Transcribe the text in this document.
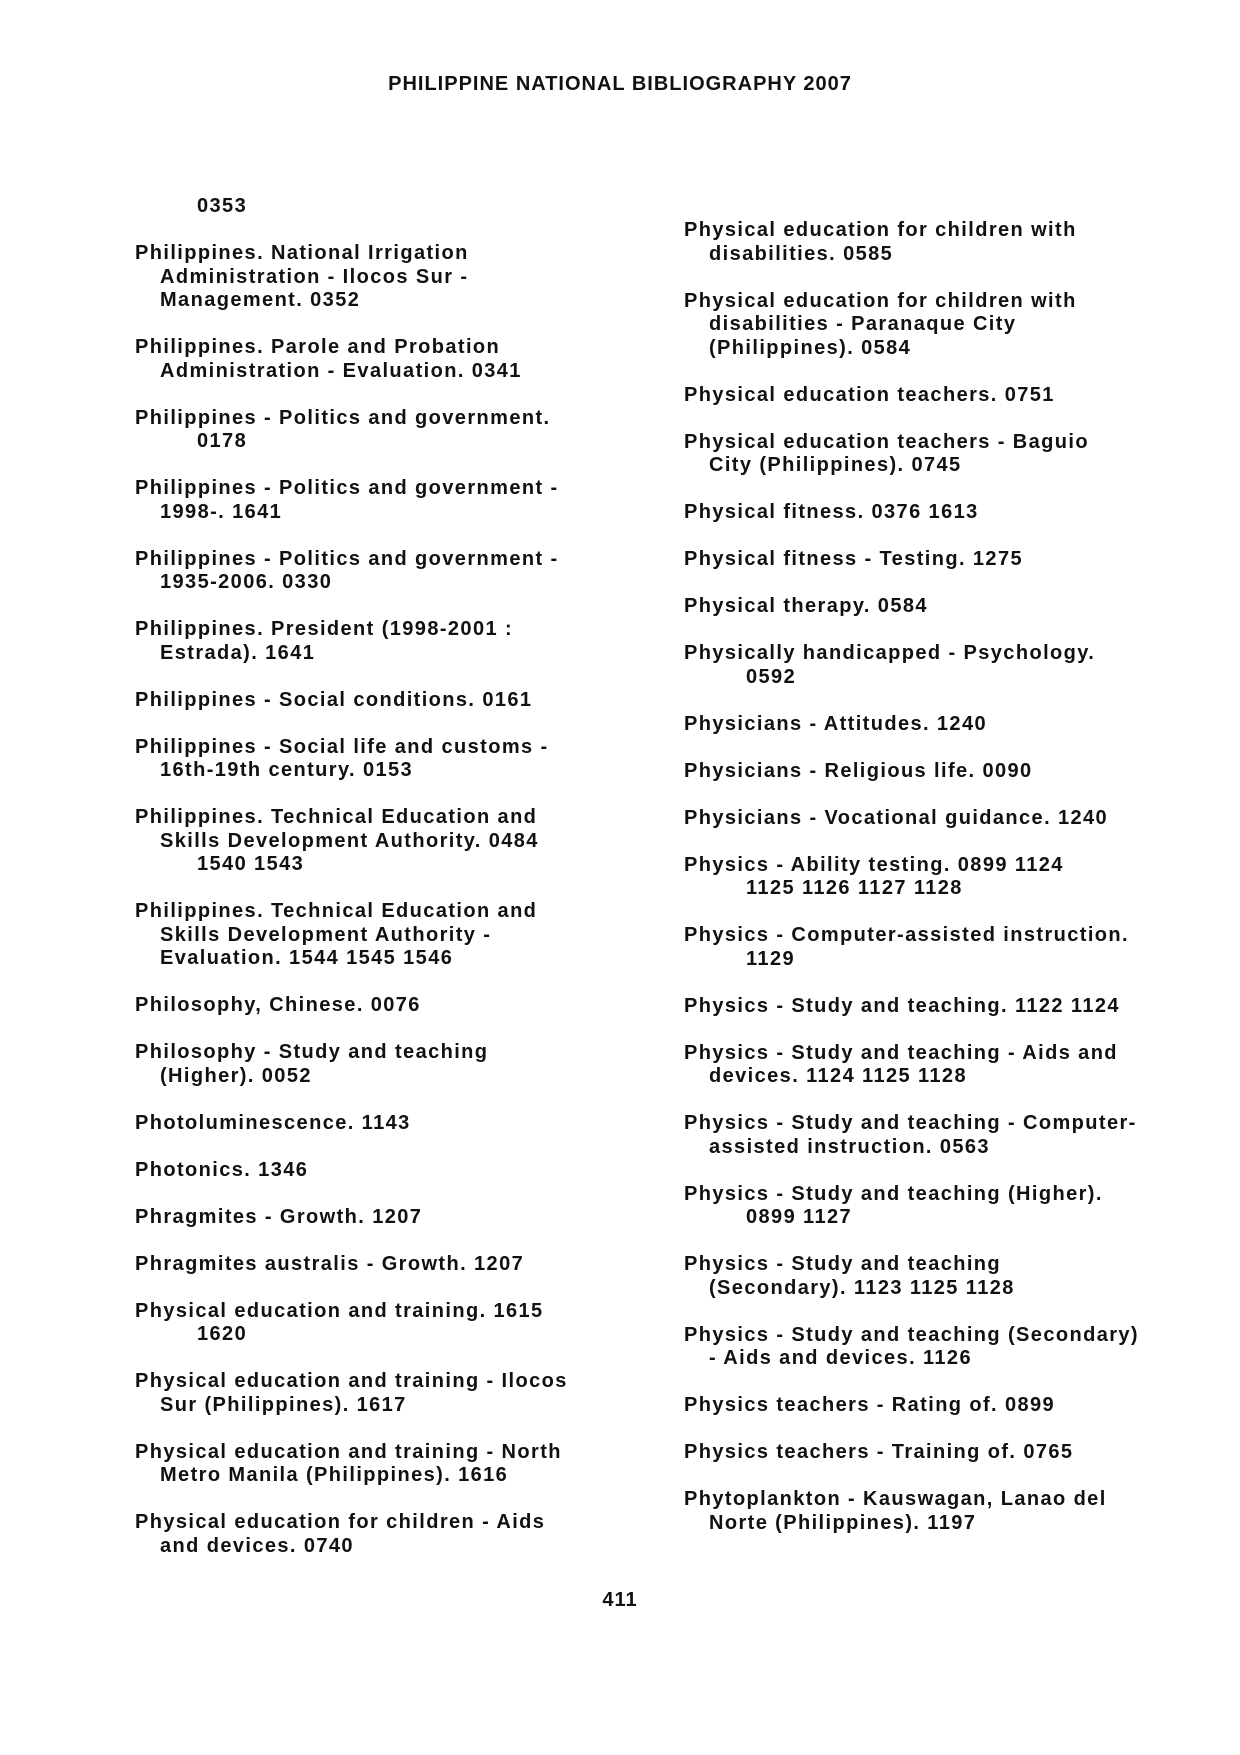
PHILIPPINE NATIONAL BIBLIOGRAPHY 2007
0353
Philippines. National Irrigation
Administration - Ilocos Sur -
Management. 0352
Philippines. Parole and Probation
Administration - Evaluation. 0341
Philippines - Politics and government.
0178
Philippines - Politics and government -
1998-. 1641
Philippines - Politics and government -
1935-2006. 0330
Philippines. President (1998-2001 :
Estrada). 1641
Philippines - Social conditions. 0161
Philippines - Social life and customs -
16th-19th century. 0153
Philippines. Technical Education and
Skills Development Authority. 0484
1540 1543
Philippines. Technical Education and
Skills Development Authority -
Evaluation. 1544 1545 1546
Philosophy, Chinese. 0076
Philosophy - Study and teaching
(Higher). 0052
Photoluminescence. 1143
Photonics. 1346
Phragmites - Growth. 1207
Phragmites australis - Growth. 1207
Physical education and training. 1615
1620
Physical education and training - Ilocos
Sur (Philippines). 1617
Physical education and training - North
Metro Manila (Philippines). 1616
Physical education for children - Aids
and devices. 0740
Physical education for children with
disabilities. 0585
Physical education for children with
disabilities - Paranaque City
(Philippines). 0584
Physical education teachers. 0751
Physical education teachers - Baguio
City (Philippines). 0745
Physical fitness. 0376 1613
Physical fitness - Testing. 1275
Physical therapy. 0584
Physically handicapped - Psychology.
0592
Physicians - Attitudes. 1240
Physicians - Religious life. 0090
Physicians - Vocational guidance. 1240
Physics - Ability testing. 0899 1124
1125 1126 1127 1128
Physics - Computer-assisted instruction.
1129
Physics - Study and teaching. 1122 1124
Physics - Study and teaching - Aids and
devices. 1124 1125 1128
Physics - Study and teaching - Computer-
assisted instruction. 0563
Physics - Study and teaching (Higher).
0899 1127
Physics - Study and teaching
(Secondary). 1123 1125 1128
Physics - Study and teaching (Secondary)
- Aids and devices. 1126
Physics teachers - Rating of. 0899
Physics teachers - Training of. 0765
Phytoplankton - Kauswagan, Lanao del
Norte (Philippines). 1197
411
